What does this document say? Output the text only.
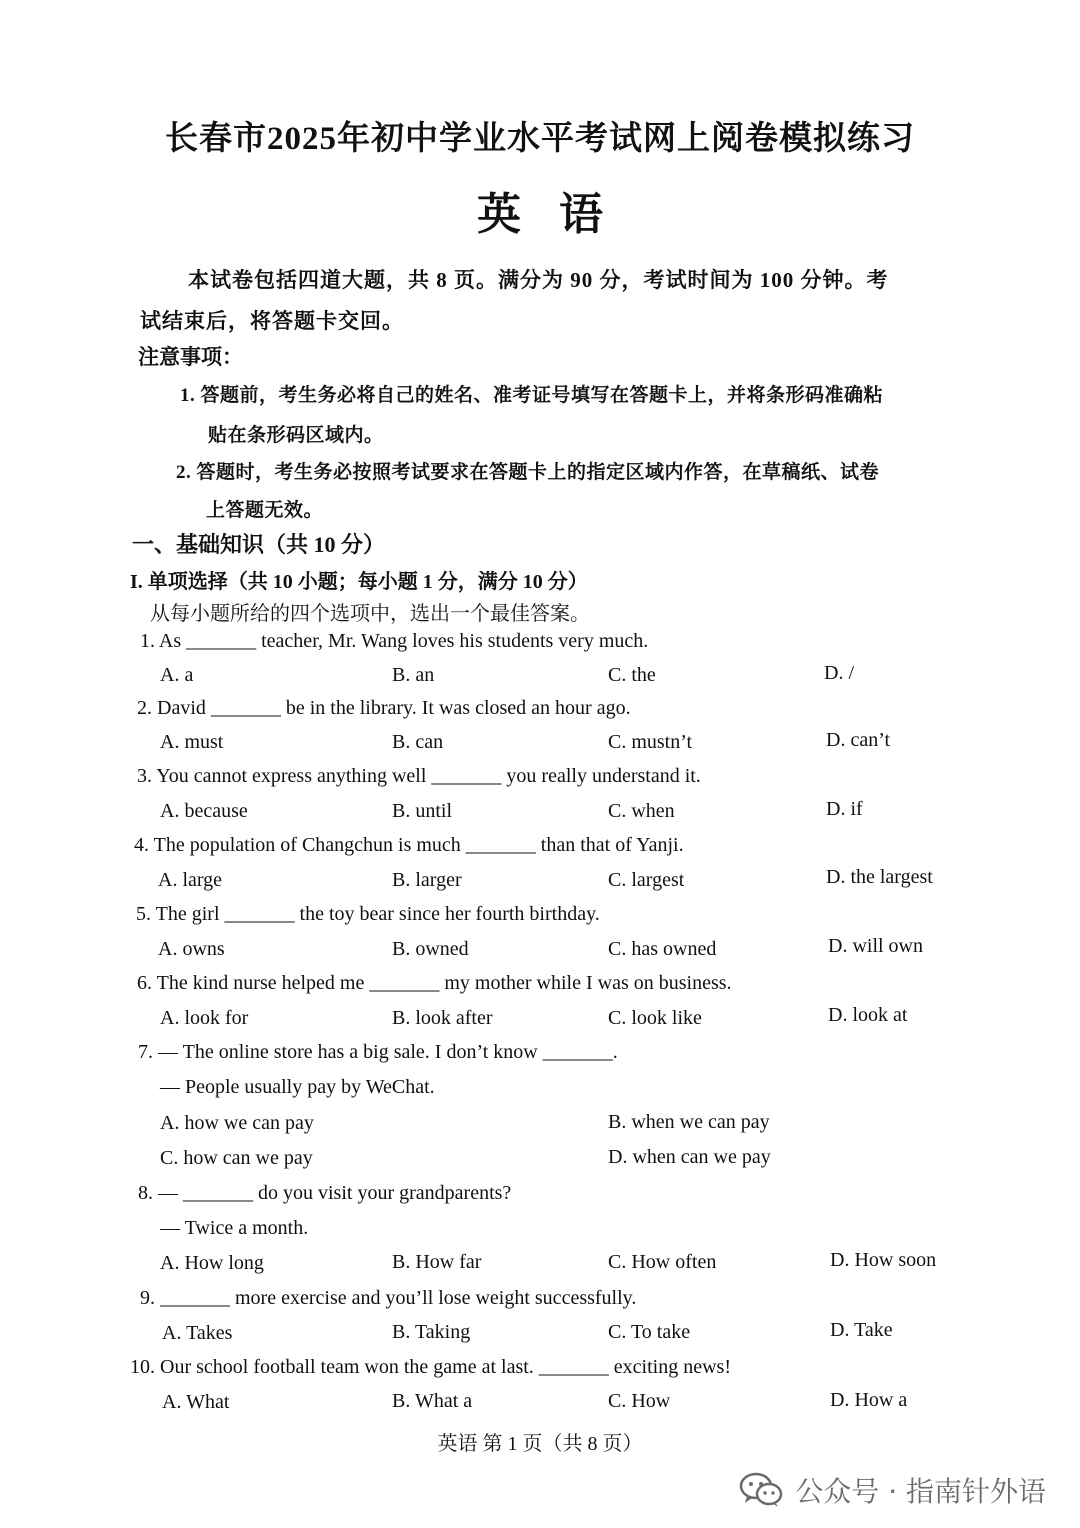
长春市2025年初中学业水平考试网上阅卷模拟练习
英语
本试卷包括四道大题，共 8 页。满分为 90 分，考试时间为 100 分钟。考
试结束后，将答题卡交回。
注意事项：
1. 答题前，考生务必将自己的姓名、准考证号填写在答题卡上，并将条形码准确粘
贴在条形码区域内。
2. 答题时，考生务必按照考试要求在答题卡上的指定区域内作答，在草稿纸、试卷
上答题无效。
一、基础知识（共 10 分）
I. 单项选择（共 10 小题；每小题 1 分，满分 10 分）
从每小题所给的四个选项中，选出一个最佳答案。
1. As _______ teacher, Mr. Wang loves his students very much.
A. a	B. an	C. the	D. /
2. David _______ be in the library. It was closed an hour ago.
A. must	B. can	C. mustn’t	D. can’t
3. You cannot express anything well _______ you really understand it.
A. because	B. until	C. when	D. if
4. The population of Changchun is much _______ than that of Yanji.
A. large	B. larger	C. largest	D. the largest
5. The girl _______ the toy bear since her fourth birthday.
A. owns	B. owned	C. has owned	D. will own
6. The kind nurse helped me _______ my mother while I was on business.
A. look for	B. look after	C. look like	D. look at
7. — The online store has a big sale. I don’t know _______.
— People usually pay by WeChat.
A. how we can pay	B. when we can pay
C. how can we pay	D. when can we pay
8. — _______ do you visit your grandparents?
— Twice a month.
A. How long	B. How far	C. How often	D. How soon
9. _______ more exercise and you’ll lose weight successfully.
A. Takes	B. Taking	C. To take	D. Take
10. Our school football team won the game at last. _______ exciting news!
A. What	B. What a	C. How	D. How a
英语 第 1 页（共 8 页）
公众号 · 指南针外语
